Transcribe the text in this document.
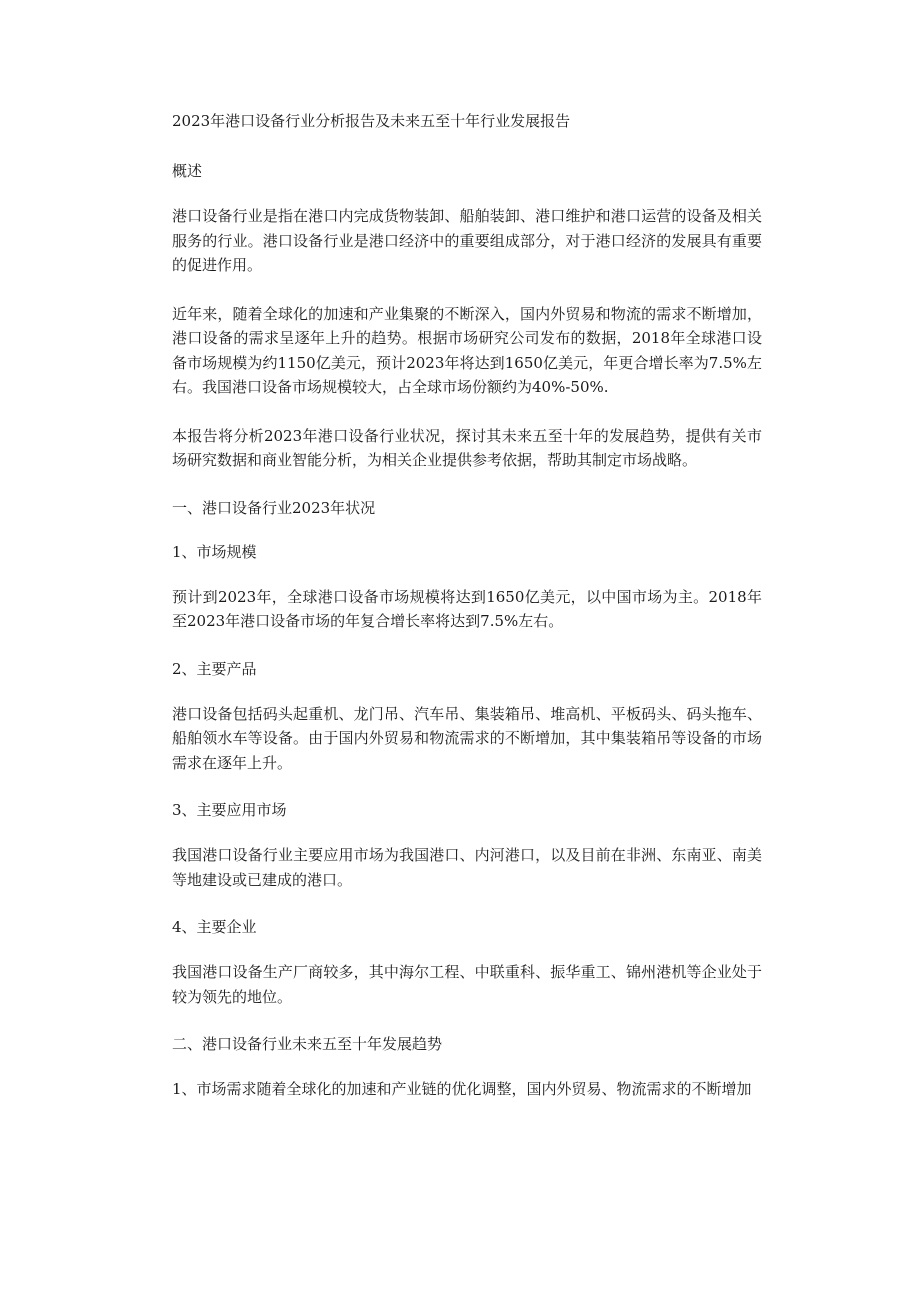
2023年港口设备行业分析报告及未来五至十年行业发展报告
概述
港口设备行业是指在港口内完成货物装卸、船舶装卸、港口维护和港口运营的设备及相关服务的行业。港口设备行业是港口经济中的重要组成部分，对于港口经济的发展具有重要的促进作用。
近年来，随着全球化的加速和产业集聚的不断深入，国内外贸易和物流的需求不断增加，港口设备的需求呈逐年上升的趋势。根据市场研究公司发布的数据，2018年全球港口设备市场规模为约1150亿美元，预计2023年将达到1650亿美元，年更合增长率为7.5%左右。我国港口设备市场规模较大，占全球市场份额约为40%-50%.
本报告将分析2023年港口设备行业状况，探讨其未来五至十年的发展趋势，提供有关市场研究数据和商业智能分析，为相关企业提供参考依据，帮助其制定市场战略。
一、港口设备行业2023年状况
1、市场规模
预计到2023年，全球港口设备市场规模将达到1650亿美元，以中国市场为主。2018年至2023年港口设备市场的年复合增长率将达到7.5%左右。
2、主要产品
港口设备包括码头起重机、龙门吊、汽车吊、集装箱吊、堆高机、平板码头、码头拖车、船舶领水车等设备。由于国内外贸易和物流需求的不断增加，其中集装箱吊等设备的市场需求在逐年上升。
3、主要应用市场
我国港口设备行业主要应用市场为我国港口、内河港口，以及目前在非洲、东南亚、南美等地建设或已建成的港口。
4、主要企业
我国港口设备生产厂商较多，其中海尔工程、中联重科、振华重工、锦州港机等企业处于较为领先的地位。
二、港口设备行业未来五至十年发展趋势
1、市场需求随着全球化的加速和产业链的优化调整，国内外贸易、物流需求的不断增加
